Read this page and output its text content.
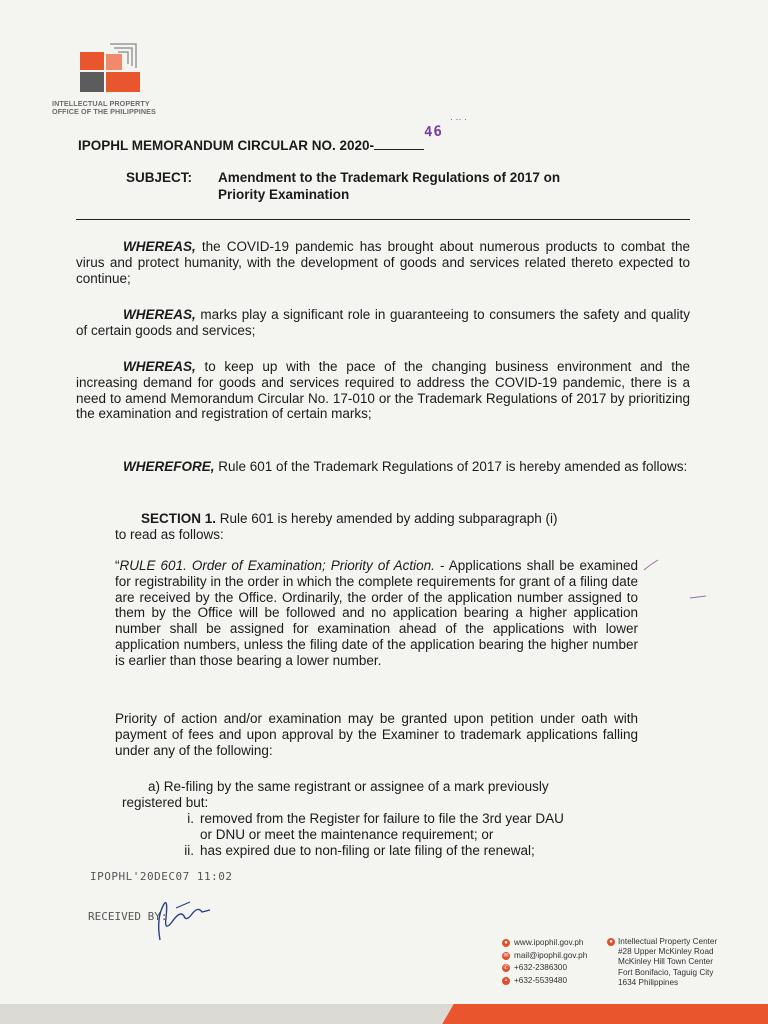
INTELLECTUAL PROPERTY
OFFICE OF THE PHILIPPINES
IPOPHL MEMORANDUM CIRCULAR NO. 2020-
46
· ·· ·
SUBJECT: Amendment to the Trademark Regulations of 2017 on
Priority Examination
WHEREAS, the COVID-19 pandemic has brought about numerous products to combat the virus and protect humanity, with the development of goods and services related thereto expected to continue;
WHEREAS, marks play a significant role in guaranteeing to consumers the safety and quality of certain goods and services;
WHEREAS, to keep up with the pace of the changing business environment and the increasing demand for goods and services required to address the COVID-19 pandemic, there is a need to amend Memorandum Circular No. 17-010 or the Trademark Regulations of 2017 by prioritizing the examination and registration of certain marks;
WHEREFORE, Rule 601 of the Trademark Regulations of 2017 is hereby amended as follows:
SECTION 1. Rule 601 is hereby amended by adding subparagraph (i)
to read as follows:
“RULE 601. Order of Examination; Priority of Action. - Applications shall be examined for registrability in the order in which the complete requirements for grant of a filing date are received by the Office. Ordinarily, the order of the application number assigned to them by the Office will be followed and no application bearing a higher application number shall be assigned for examination ahead of the applications with lower application numbers, unless the filing date of the application bearing the higher number is earlier than those bearing a lower number.
Priority of action and/or examination may be granted upon petition under oath with payment of fees and upon approval by the Examiner to trademark applications falling under any of the following:
a) Re-filing by the same registrant or assignee of a mark previously
registered but:
i. removed from the Register for failure to file the 3rd year DAU
or DNU or meet the maintenance requirement; or
ii. has expired due to non-filing or late filing of the renewal;
IPOPHL'20DEC07 11:02
RECEIVED BY:
● www.ipophil.gov.ph
✉ mail@ipophil.gov.ph
✆ +632-2386300
▪ +632-5539480
● Intellectual Property Center
#28 Upper McKinley Road
McKinley Hill Town Center
Fort Bonifacio, Taguig City
1634 Philippines
